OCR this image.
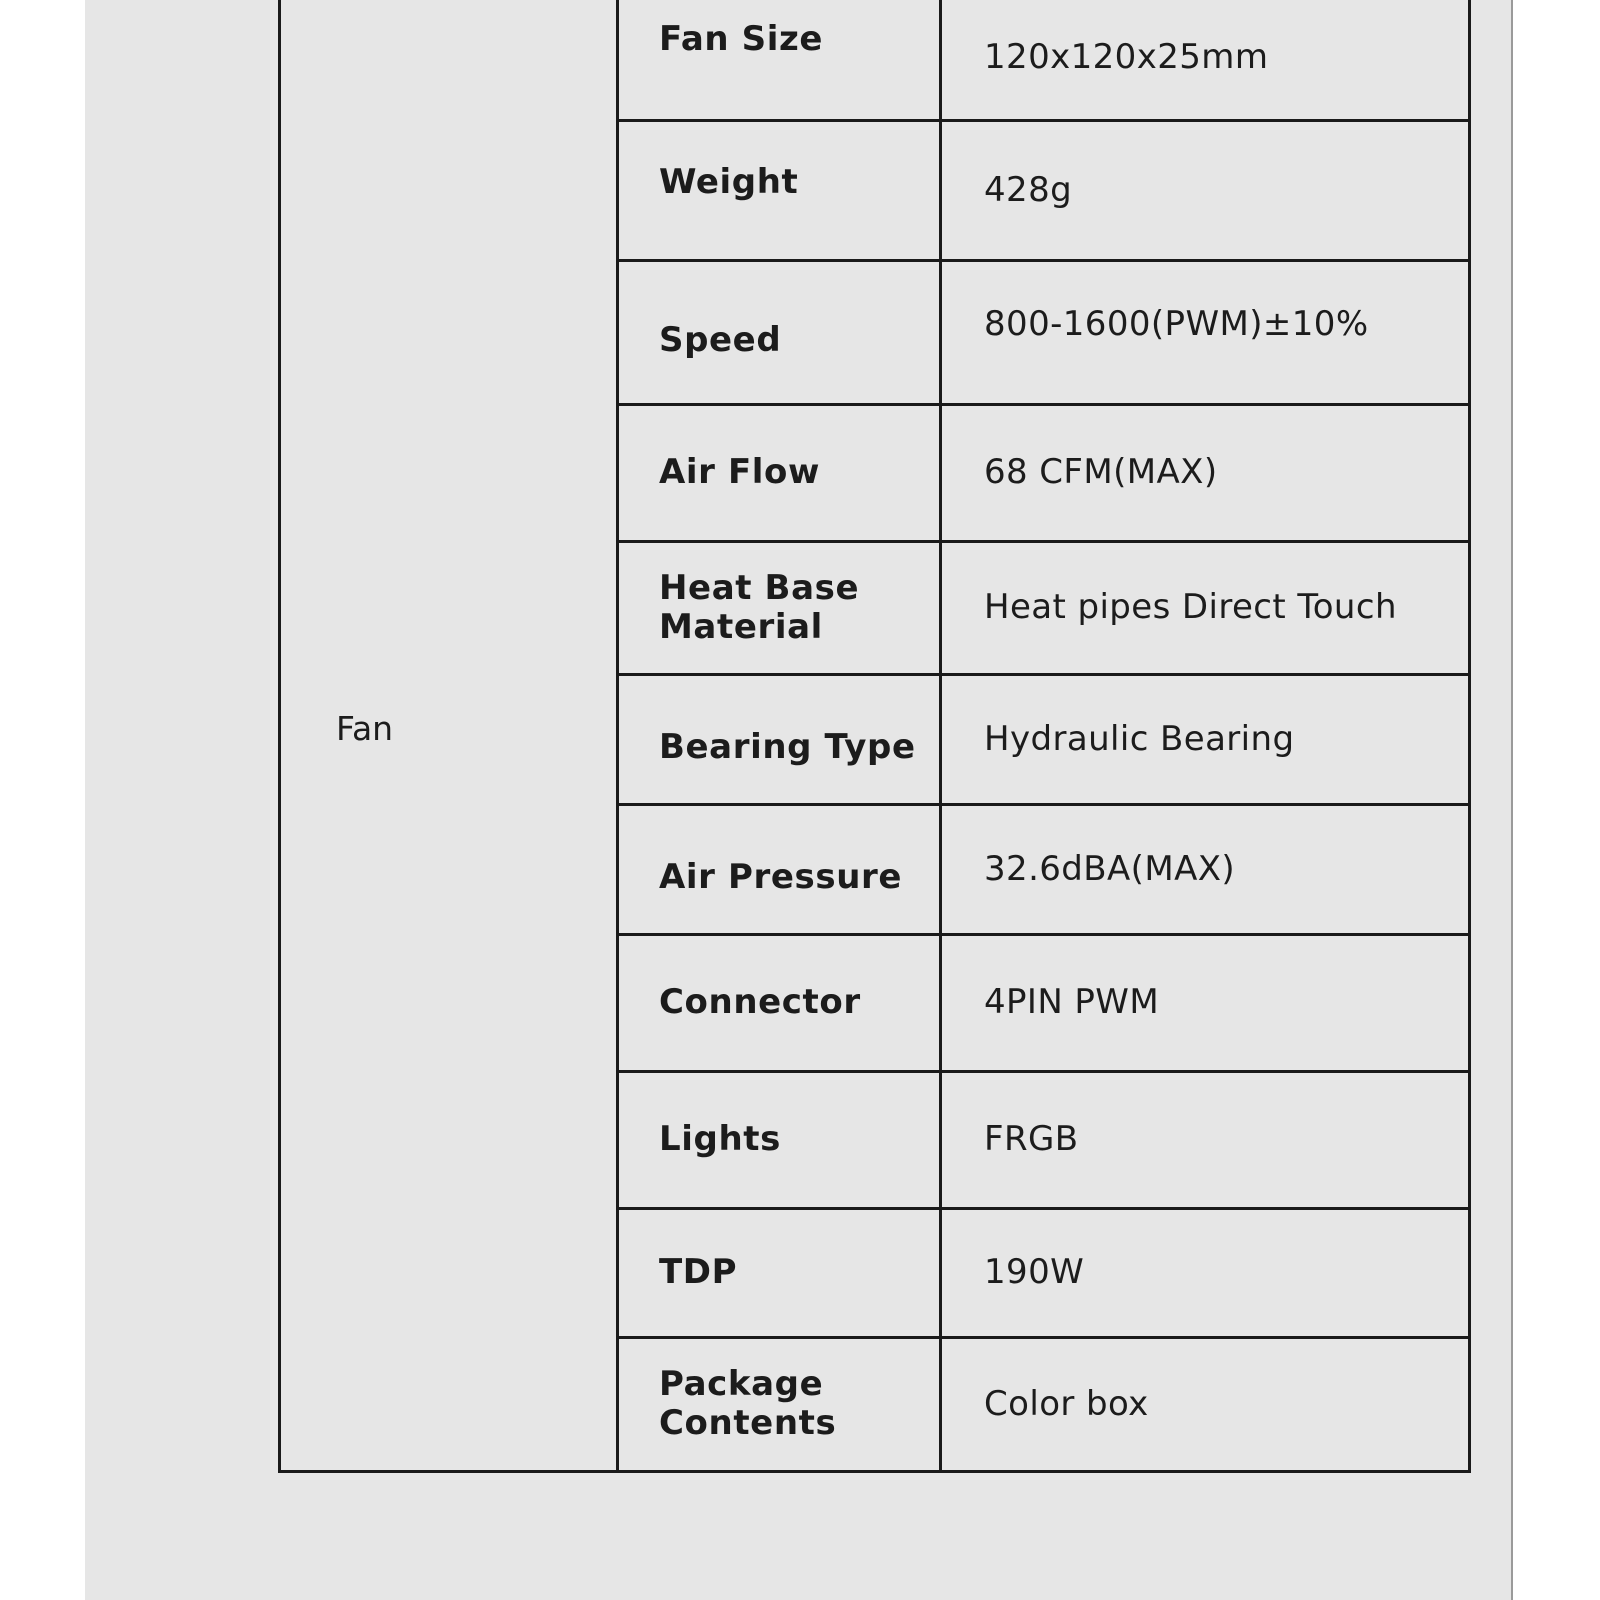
Fan	Fan Size	120x120x25mm

	Weight	428g

	Speed	800-1600(PWM)±10%

	Air Flow	68 CFM(MAX)

	Heat Base
Material	Heat pipes Direct Touch

	Bearing Type	Hydraulic Bearing

	Air Pressure	32.6dBA(MAX)

	Connector	4PIN PWM

	Lights	FRGB

	TDP	190W

	Package
Contents	Color box
